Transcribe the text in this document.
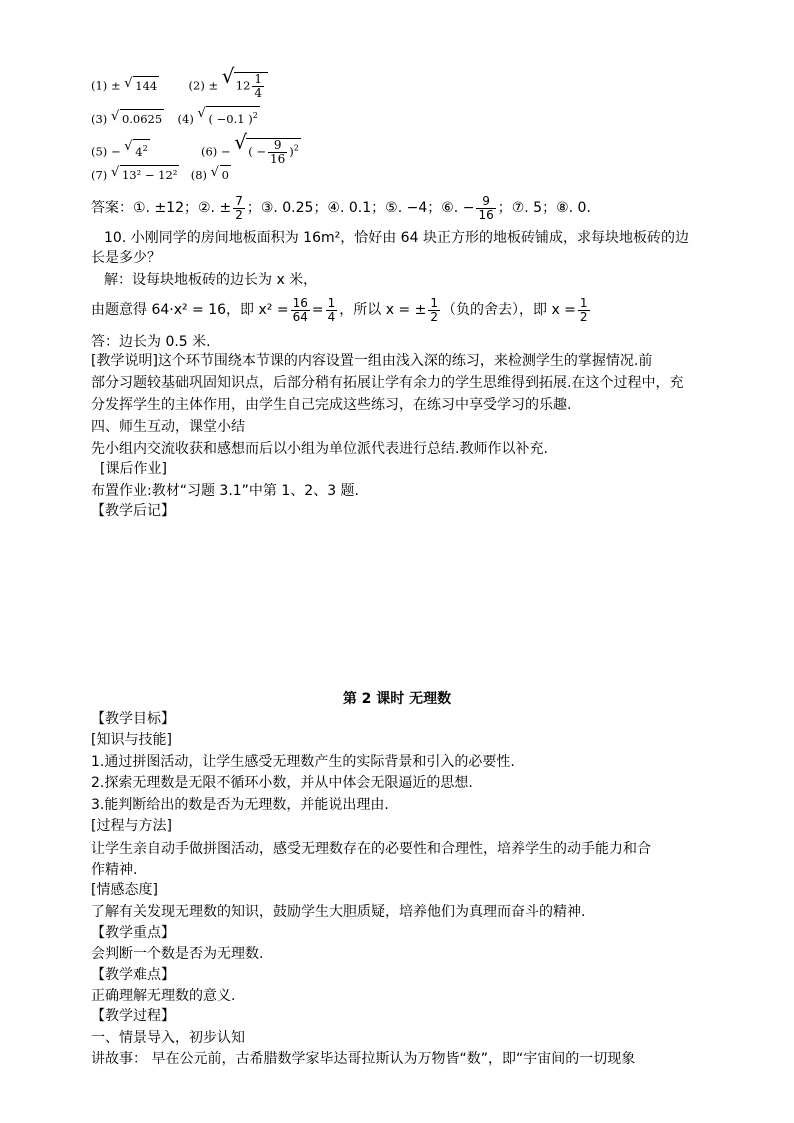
(1) ± √ 144	(2) ± √ $12 \frac{1}{4}$
(3) √ 0.0625 (4) √ ( −0.1 )$^2$
(5) − √ $4^2$	(6) − √ ( − $\frac{9}{16} )^2$
(7) √ 13² − 12² (8) √ 0
答案：①. ±12；②. ± $\frac{7}{2}$ ；③. 0.25；④. 0.1；⑤. −4；⑥. − $\frac{9}{16}$ ；⑦. 5；⑧. 0.
10. 小刚同学的房间地板面积为 16m²，恰好由 64 块正方形的地板砖铺成，求每块地板砖的边
长是多少？
解：设每块地板砖的边长为 x 米，
由题意得 64·x² = 16，即 $x^2 = \frac{16}{64} = \frac{1}{4}$ ，所以 x = ± $\frac{1}{2}$ （负的舍去），即 $x = \frac{1}{2}$
答：边长为 0.5 米.
[教学说明]这个环节围绕本节课的内容设置一组由浅入深的练习，来检测学生的掌握情况.前
部分习题较基础巩固知识点，后部分稍有拓展让学有余力的学生思维得到拓展.在这个过程中，充
分发挥学生的主体作用，由学生自己完成这些练习，在练习中享受学习的乐趣.
四、师生互动，课堂小结
先小组内交流收获和感想而后以小组为单位派代表进行总结.教师作以补充.
[课后作业]
布置作业:教材“习题 3.1”中第 1、2、3 题.
【教学后记】
第 2 课时 无理数
【教学目标】
[知识与技能]
1.通过拼图活动，让学生感受无理数产生的实际背景和引入的必要性.
2.探索无理数是无限不循环小数，并从中体会无限逼近的思想.
3.能判断给出的数是否为无理数，并能说出理由.
[过程与方法]
让学生亲自动手做拼图活动，感受无理数存在的必要性和合理性，培养学生的动手能力和合
作精神.
[情感态度]
了解有关发现无理数的知识，鼓励学生大胆质疑，培养他们为真理而奋斗的精神.
【教学重点】
会判断一个数是否为无理数.
【教学难点】
正确理解无理数的意义.
【教学过程】
一、情景导入，初步认知
讲故事： 早在公元前，古希腊数学家毕达哥拉斯认为万物皆“数”，即“宇宙间的一切现象
